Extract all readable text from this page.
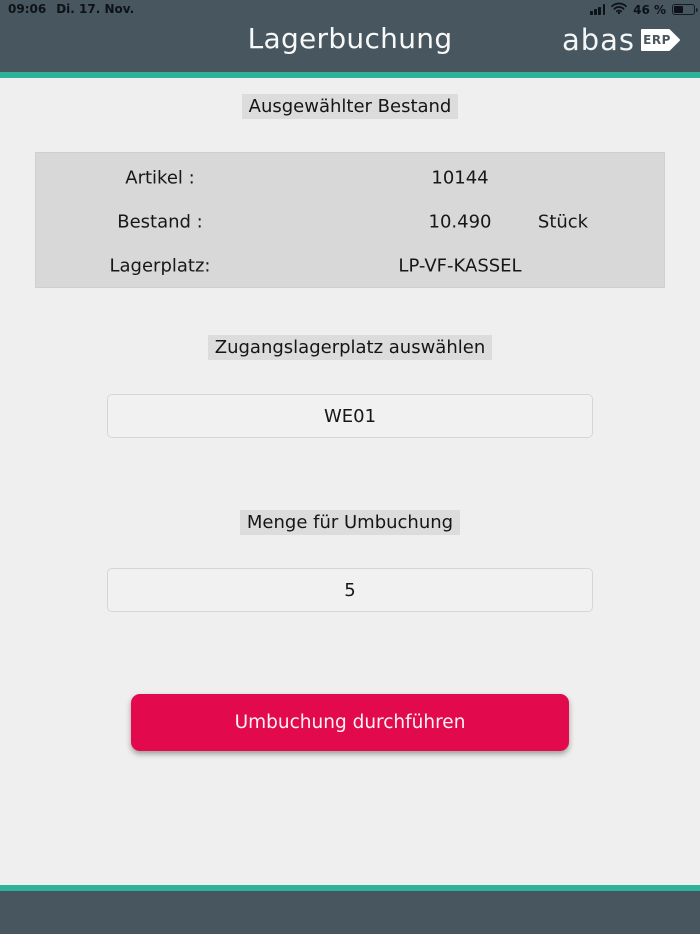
09:06 Di. 17. Nov.	46 %
Lagerbuchung	abas ERP
Ausgewählter Bestand
Artikel :	10144
Bestand :	10.490	Stück
Lagerplatz:	LP-VF-KASSEL
Zugangslagerplatz auswählen
WE01
Menge für Umbuchung
5
Umbuchung durchführen
